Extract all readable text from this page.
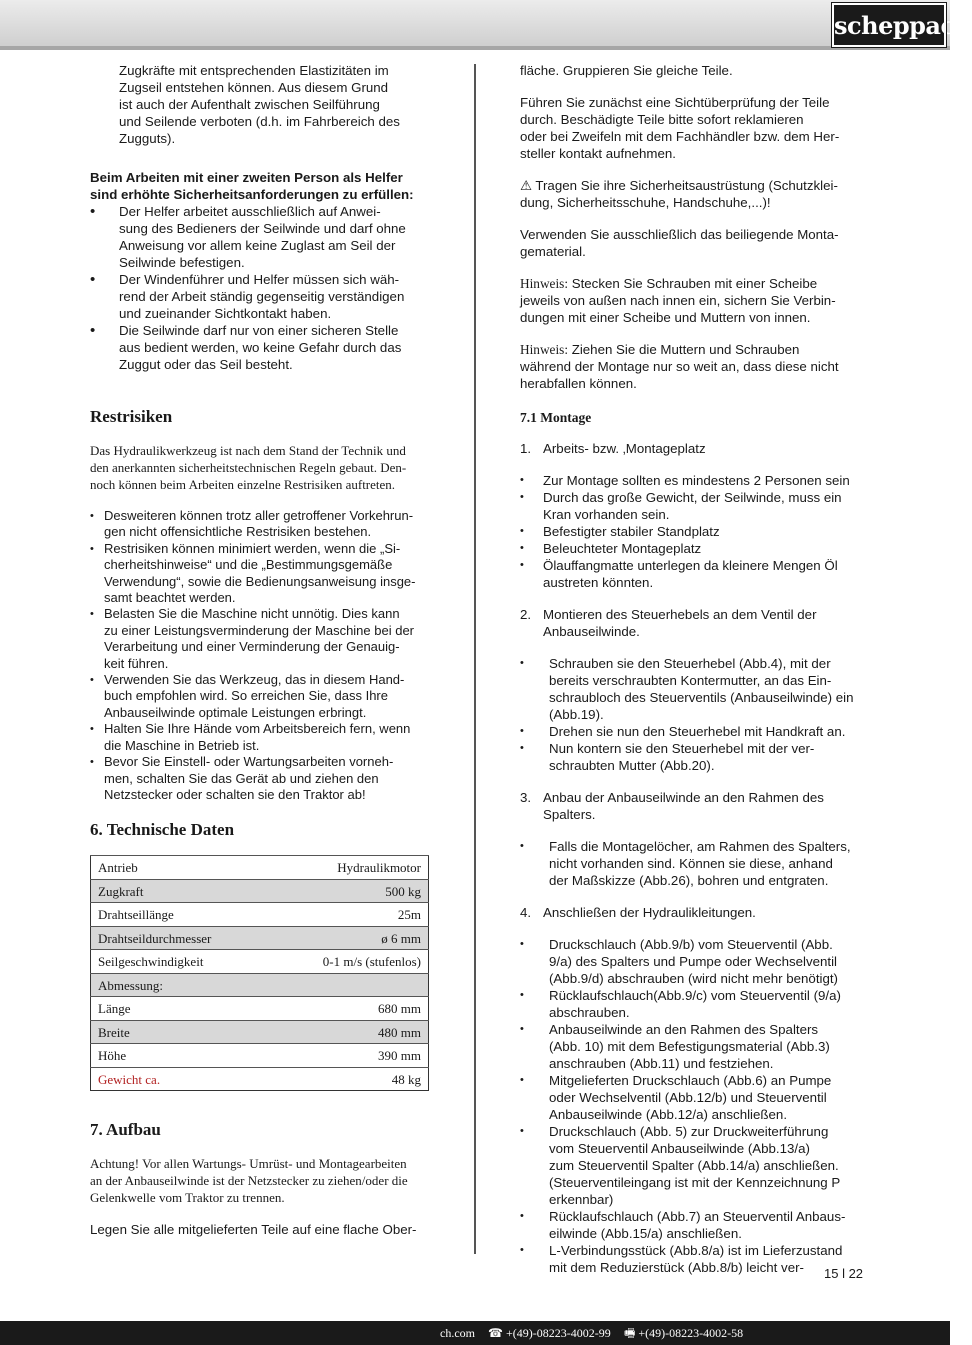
scheppach

Zugkräfte mit entsprechenden Elastizitäten im

Zugseil entstehen können. Aus diesem Grund

ist auch der Aufenthalt zwischen Seilführung

und Seilende verboten (d.h. im Fahrbereich des

Zugguts).

Beim Arbeiten mit einer zweiten Person als Helfer

sind erhöhte Sicherheitsanforderungen zu erfüllen:

• Der Helfer arbeitet ausschließlich auf Anwei-

sung des Bedieners der Seilwinde und darf ohne

Anweisung vor allem keine Zuglast am Seil der

Seilwinde befestigen.

• Der Windenführer und Helfer müssen sich wäh-

rend der Arbeit ständig gegenseitig verständigen

und zueinander Sichtkontakt haben.

• Die Seilwinde darf nur von einer sicheren Stelle

aus bedient werden, wo keine Gefahr durch das

Zuggut oder das Seil besteht.

Restrisiken

Das Hydraulikwerkzeug ist nach dem Stand der Technik und

den anerkannten sicherheitstechnischen Regeln gebaut. Den-

noch können beim Arbeiten einzelne Restrisiken auftreten.

• Desweiteren können trotz aller getroffener Vorkehrun-

gen nicht offensichtliche Restrisiken bestehen.

• Restrisiken können minimiert werden, wenn die „Si-

cherheitshinweise“ und die „Bestimmungsgemäße

Verwendung“, sowie die Bedienungsanweisung insge-

samt beachtet werden.

• Belasten Sie die Maschine nicht unnötig. Dies kann

zu einer Leistungsverminderung der Maschine bei der

Verarbeitung und einer Verminderung der Genauig-

keit führen.

• Verwenden Sie das Werkzeug, das in diesem Hand-

buch empfohlen wird. So erreichen Sie, dass Ihre

Anbauseilwinde optimale Leistungen erbringt.

• Halten Sie Ihre Hände vom Arbeitsbereich fern, wenn

die Maschine in Betrieb ist.

• Bevor Sie Einstell- oder Wartungsarbeiten vorneh-

men, schalten Sie das Gerät ab und ziehen den

Netzstecker oder schalten sie den Traktor ab!

6. Technische Daten
Antrieb	Hydraulikmotor
Zugkraft	500 kg
Drahtseillänge	25m
Drahtseildurchmesser	ø 6 mm
Seilgeschwindigkeit	0-1 m/s (stufenlos)
Abmessung:	
Länge	680 mm
Breite	480 mm
Höhe	390 mm
Gewicht ca.	48 kg
7. Aufbau

Achtung! Vor allen Wartungs- Umrüst- und Montagearbeiten

an der Anbauseilwinde ist der Netzstecker zu ziehen/oder die

Gelenkwelle vom Traktor zu trennen.

Legen Sie alle mitgelieferten Teile auf eine flache Ober-

fläche. Gruppieren Sie gleiche Teile.

Führen Sie zunächst eine Sichtüberprüfung der Teile

durch. Beschädigte Teile bitte sofort reklamieren

oder bei Zweifeln mit dem Fachhändler bzw. dem Her-

steller kontakt aufnehmen.

⚠ Tragen Sie ihre Sicherheitsaustrüstung (Schutzklei-

dung, Sicherheitsschuhe, Handschuhe,...)!

Verwenden Sie ausschließlich das beiliegende Monta-

gematerial.

Hinweis: Stecken Sie Schrauben mit einer Scheibe

jeweils von außen nach innen ein, sichern Sie Verbin-

dungen mit einer Scheibe und Muttern von innen.

Hinweis: Ziehen Sie die Muttern und Schrauben

während der Montage nur so weit an, dass diese nicht

herabfallen können.

7.1 Montage
1. Arbeits- bzw. ‚Montageplatz

• Zur Montage sollten es mindestens 2 Personen sein

• Durch das große Gewicht, der Seilwinde, muss ein

Kran vorhanden sein.

• Befestigter stabiler Standplatz

• Beleuchteter Montageplatz

• Ölauffangmatte unterlegen da kleinere Mengen Öl

austreten könnten.

2. Montieren des Steuerhebels an dem Ventil der

Anbauseilwinde.

• Schrauben sie den Steuerhebel (Abb.4), mit der

bereits verschraubten Kontermutter, an das Ein-

schraubloch des Steuerventils (Anbauseilwinde) ein

(Abb.19).

• Drehen sie nun den Steuerhebel mit Handkraft an.

• Nun kontern sie den Steuerhebel mit der ver-

schraubten Mutter (Abb.20).

3. Anbau der Anbauseilwinde an den Rahmen des

Spalters.

• Falls die Montagelöcher, am Rahmen des Spalters,

nicht vorhanden sind. Können sie diese, anhand

der Maßskizze (Abb.26), bohren und entgraten.

4. Anschließen der Hydraulikleitungen.

• Druckschlauch (Abb.9/b) vom Steuerventil (Abb.

9/a) des Spalters und Pumpe oder Wechselventil

(Abb.9/d) abschrauben (wird nicht mehr benötigt)

• Rücklaufschlauch(Abb.9/c) vom Steuerventil (9/a)

abschrauben.

• Anbauseilwinde an den Rahmen des Spalters

(Abb. 10) mit dem Befestigungsmaterial (Abb.3)

anschrauben (Abb.11) und festziehen.

• Mitgelieferten Druckschlauch (Abb.6) an Pumpe

oder Wechselventil (Abb.12/b) und Steuerventil

Anbauseilwinde (Abb.12/a) anschließen.

• Druckschlauch (Abb. 5) zur Druckweiterführung

vom Steuerventil Anbauseilwinde (Abb.13/a)

zum Steuerventil Spalter (Abb.14/a) anschließen.

(Steuerventileingang ist mit der Kennzeichnung P

erkennbar)

• Rücklaufschlauch (Abb.7) an Steuerventil Anbaus-

eilwinde (Abb.15/a) anschließen.

• L-Verbindungsstück (Abb.8/a) ist im Lieferzustand

mit dem Reduzierstück (Abb.8/b) leicht ver-	15 l 22
ch.com ☎ +(49)-08223-4002-99 🖷 +(49)-08223-4002-58
